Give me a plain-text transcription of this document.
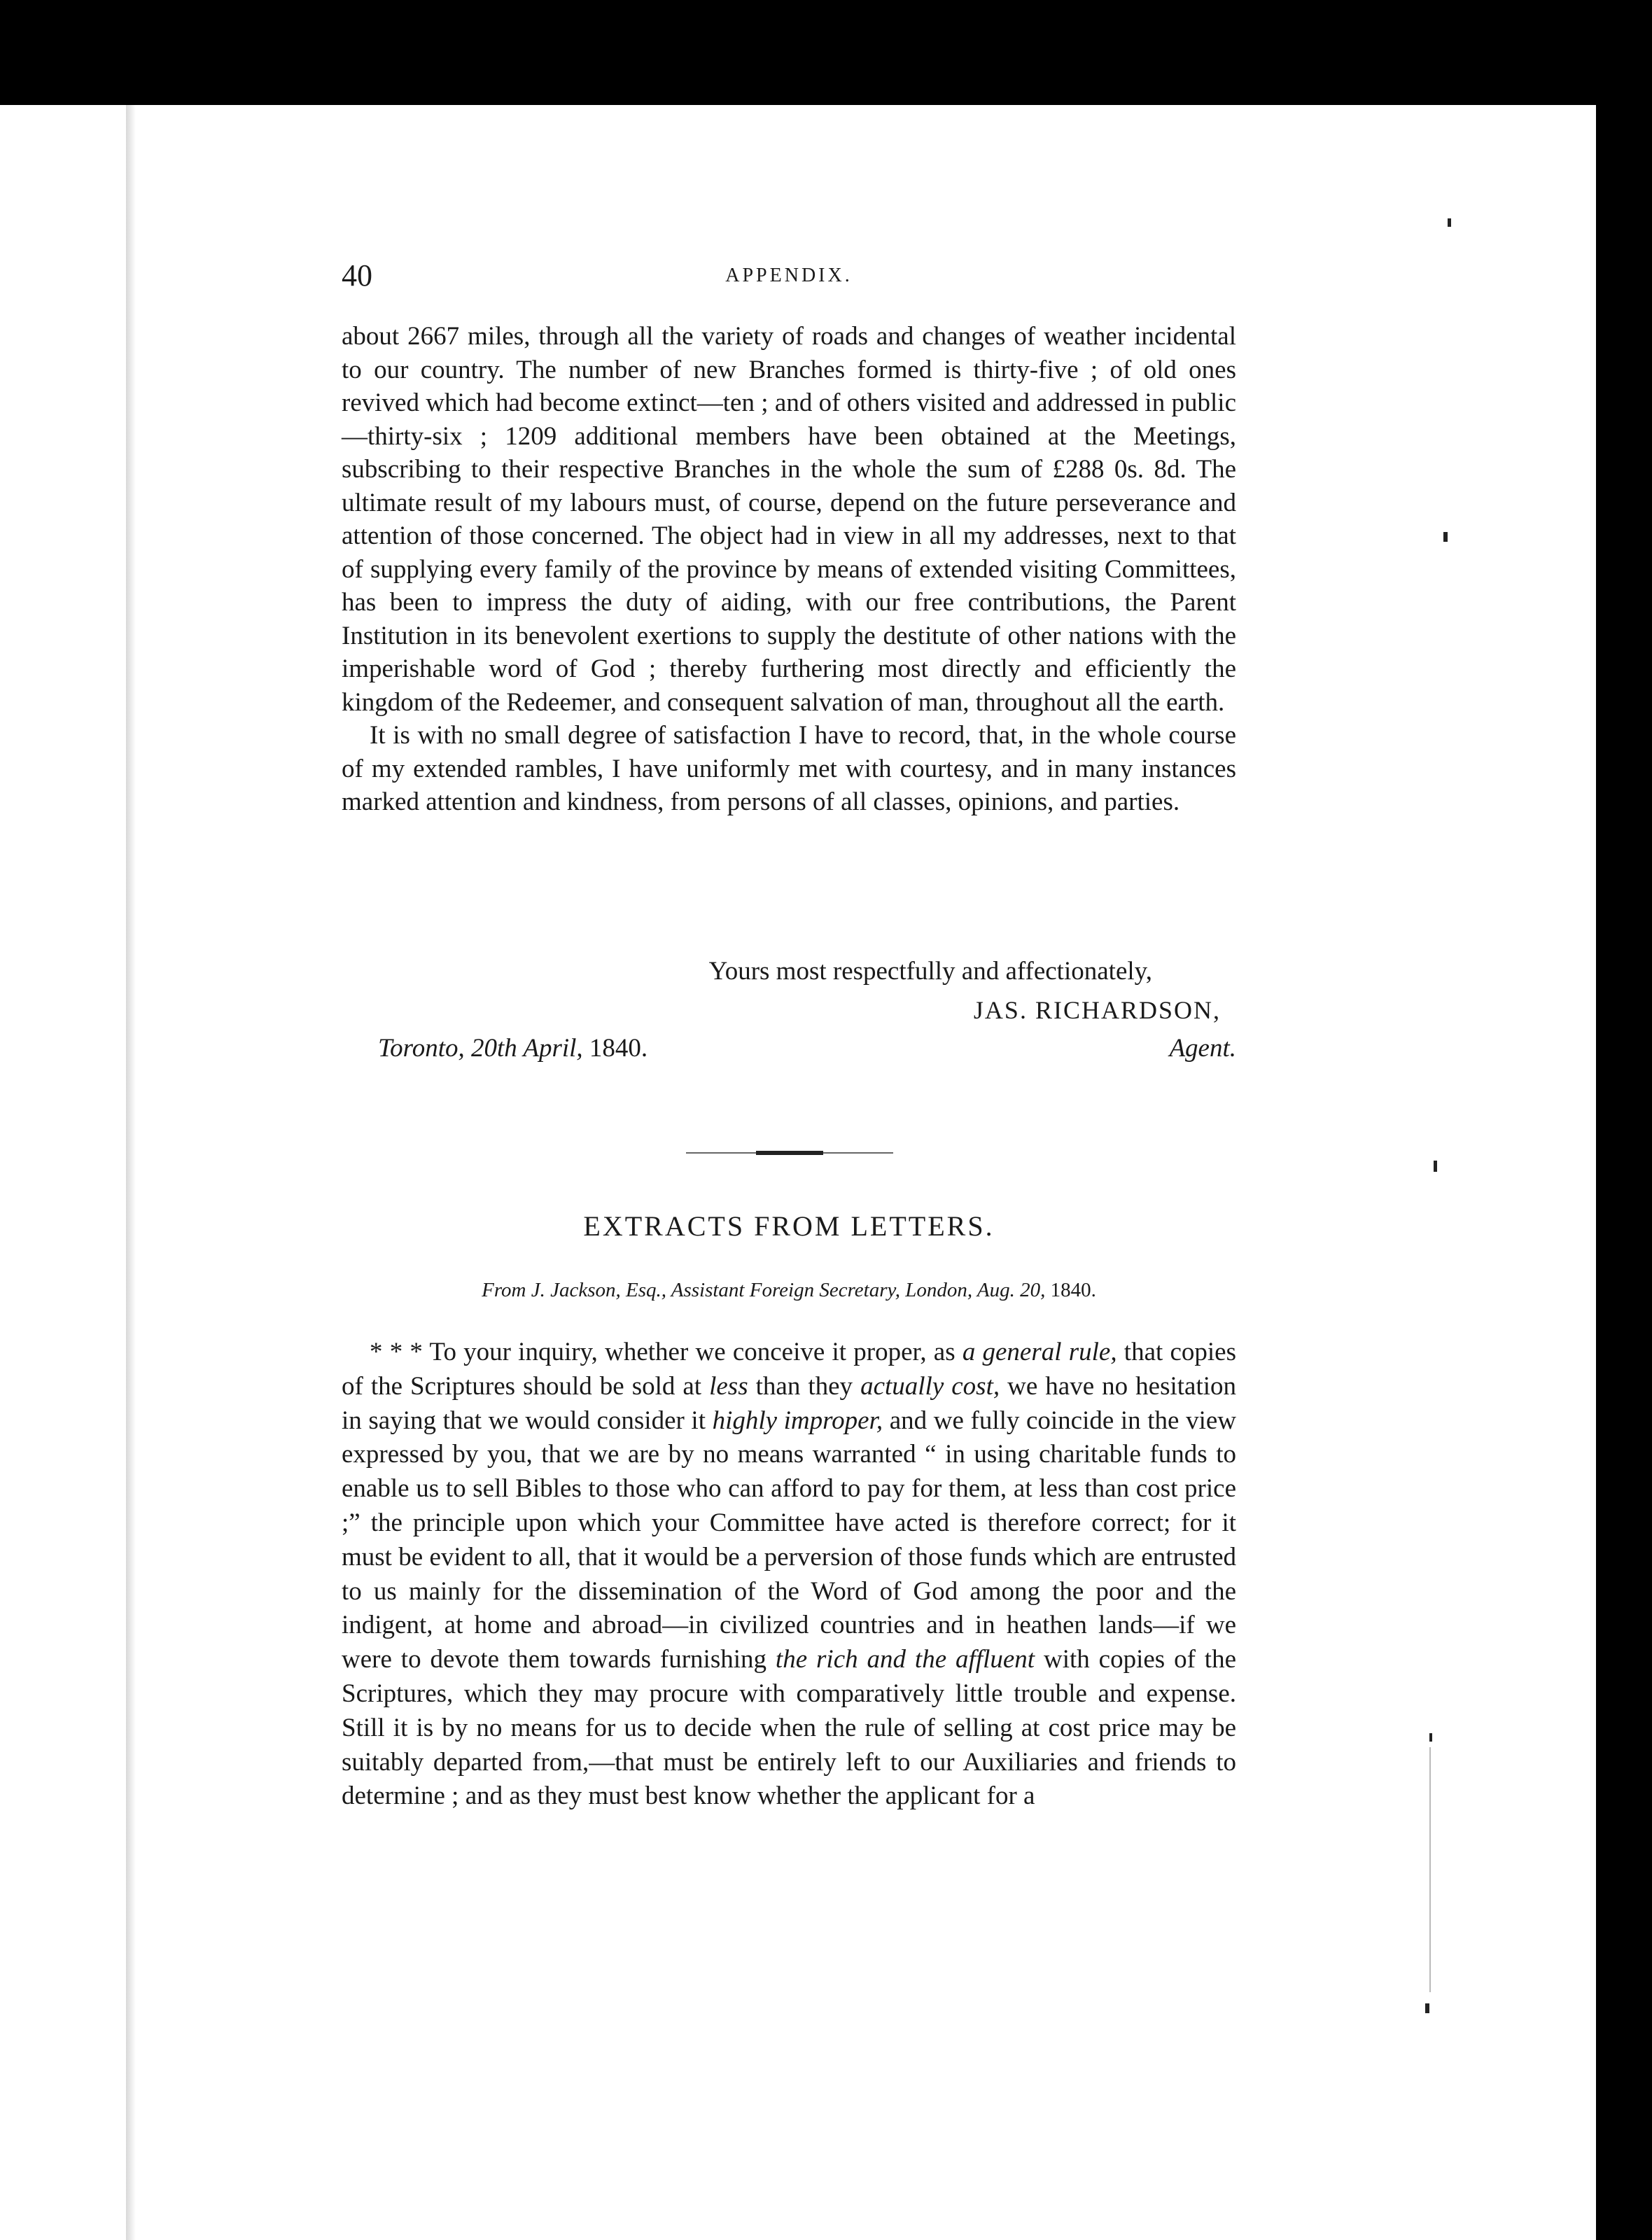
40	APPENDIX.

about 2667 miles, through all the variety of roads and changes of weather incidental to our country. The number of new Branches formed is thirty-five ; of old ones revived which had become extinct—ten ; and of others visited and addressed in public—thirty-six ; 1209 additional members have been obtained at the Meetings, subscribing to their respective Branches in the whole the sum of £288 0s. 8d. The ultimate result of my labours must, of course, depend on the future perseverance and attention of those concerned. The object had in view in all my addresses, next to that of supplying every family of the province by means of extended visiting Committees, has been to impress the duty of aiding, with our free contributions, the Parent Institution in its benevolent exertions to supply the destitute of other nations with the imperishable word of God ; thereby furthering most directly and efficiently the kingdom of the Redeemer, and consequent salvation of man, throughout all the earth.

It is with no small degree of satisfaction I have to record, that, in the whole course of my extended rambles, I have uniformly met with courtesy, and in many instances marked attention and kindness, from persons of all classes, opinions, and parties.

Yours most respectfully and affectionately,
JAS. RICHARDSON,
Toronto, 20th April, 1840.	Agent.
EXTRACTS FROM LETTERS.
From J. Jackson, Esq., Assistant Foreign Secretary, London, Aug. 20, 1840.

* * * To your inquiry, whether we conceive it proper, as a general rule, that copies of the Scriptures should be sold at less than they actually cost, we have no hesitation in saying that we would consider it highly improper, and we fully coincide in the view expressed by you, that we are by no means warranted “ in using charitable funds to enable us to sell Bibles to those who can afford to pay for them, at less than cost price ;” the principle upon which your Committee have acted is therefore correct; for it must be evident to all, that it would be a perversion of those funds which are entrusted to us mainly for the dissemination of the Word of God among the poor and the indigent, at home and abroad—in civilized countries and in heathen lands—if we were to devote them towards furnishing the rich and the affluent with copies of the Scriptures, which they may procure with comparatively little trouble and expense. Still it is by no means for us to decide when the rule of selling at cost price may be suitably departed from,—that must be entirely left to our Auxiliaries and friends to determine ; and as they must best know whether the applicant for a
